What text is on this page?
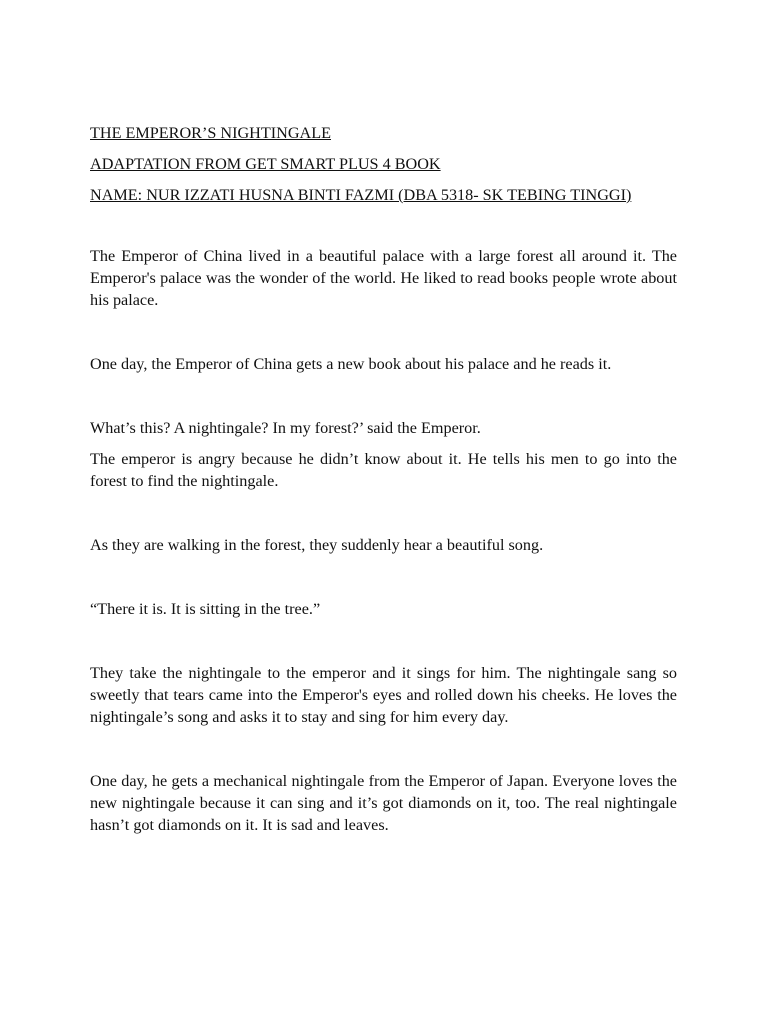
THE EMPEROR’S NIGHTINGALE
ADAPTATION FROM GET SMART PLUS 4 BOOK
NAME: NUR IZZATI HUSNA BINTI FAZMI (DBA 5318- SK TEBING TINGGI)

The Emperor of China lived in a beautiful palace with a large forest all around it. The Emperor's palace was the wonder of the world. He liked to read books people wrote about his palace.

One day, the Emperor of China gets a new book about his palace and he reads it.

What’s this? A nightingale? In my forest?’ said the Emperor.

The emperor is angry because he didn’t know about it. He tells his men to go into the forest to find the nightingale.

As they are walking in the forest, they suddenly hear a beautiful song.

“There it is. It is sitting in the tree.”

They take the nightingale to the emperor and it sings for him. The nightingale sang so sweetly that tears came into the Emperor's eyes and rolled down his cheeks. He loves the nightingale’s song and asks it to stay and sing for him every day.

One day, he gets a mechanical nightingale from the Emperor of Japan. Everyone loves the new nightingale because it can sing and it’s got diamonds on it, too. The real nightingale hasn’t got diamonds on it. It is sad and leaves.
